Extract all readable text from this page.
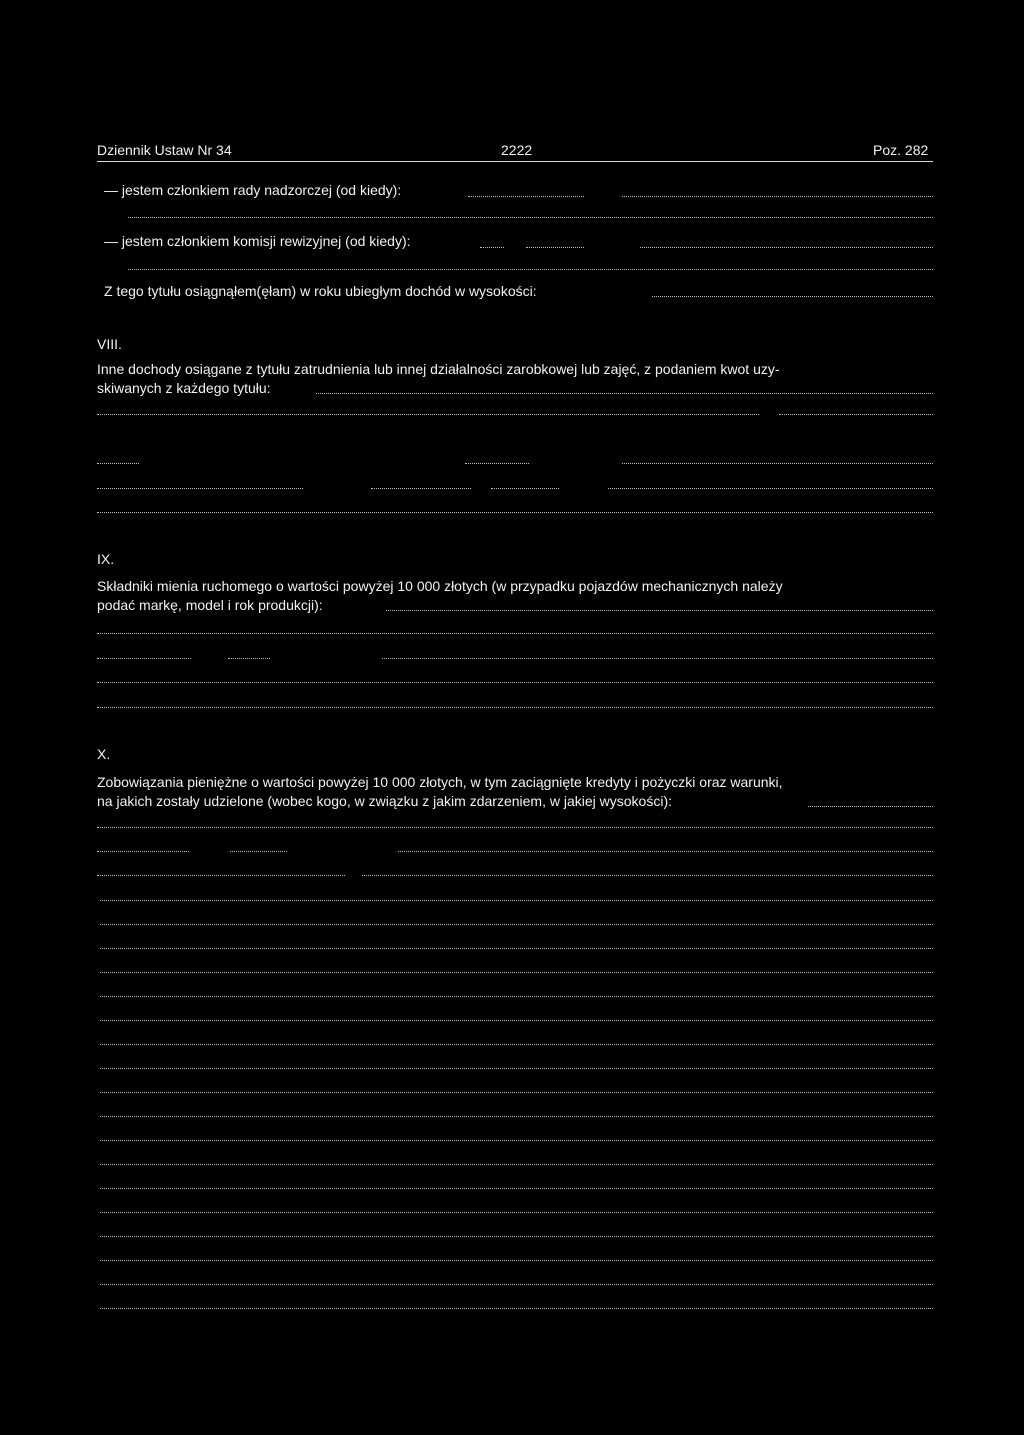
Dziennik Ustaw Nr 34	2222	Poz. 282
— jestem członkiem rady nadzorczej (od kiedy):
— jestem członkiem komisji rewizyjnej (od kiedy):
Z tego tytułu osiągnąłem(ęłam) w roku ubiegłym dochód w wysokości:
VIII.
Inne dochody osiągane z tytułu zatrudnienia lub innej działalności zarobkowej lub zajęć, z podaniem kwot uzy-
skiwanych z każdego tytułu:
IX.
Składniki mienia ruchomego o wartości powyżej 10 000 złotych (w przypadku pojazdów mechanicznych należy
podać markę, model i rok produkcji):
X.
Zobowiązania pieniężne o wartości powyżej 10 000 złotych, w tym zaciągnięte kredyty i pożyczki oraz warunki,
na jakich zostały udzielone (wobec kogo, w związku z jakim zdarzeniem, w jakiej wysokości):
